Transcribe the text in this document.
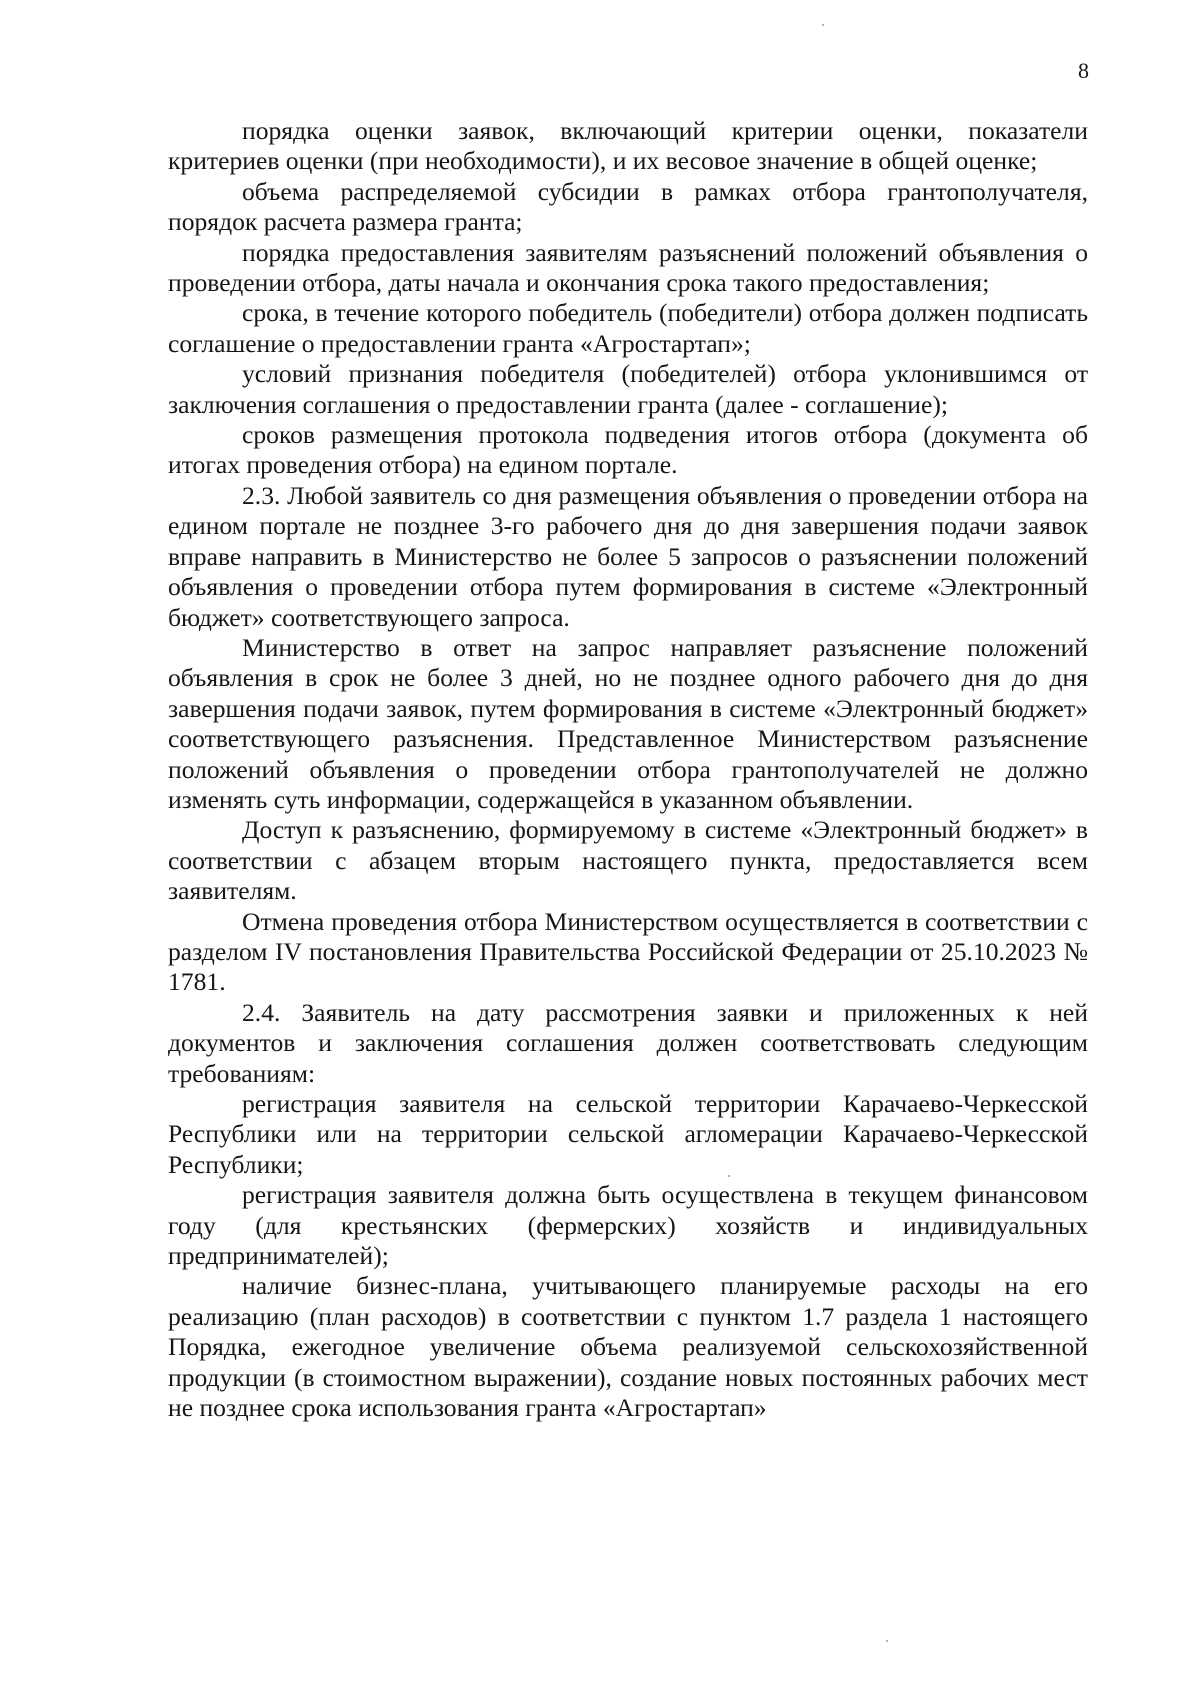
8

порядка оценки заявок, включающий критерии оценки, показатели критериев оценки (при необходимости), и их весовое значение в общей оценке;

объема распределяемой субсидии в рамках отбора грантополучателя, порядок расчета размера гранта;

порядка предоставления заявителям разъяснений положений объявления о проведении отбора, даты начала и окончания срока такого предоставления;

срока, в течение которого победитель (победители) отбора должен подписать соглашение о предоставлении гранта «Агростартап»;

условий признания победителя (победителей) отбора уклонившимся от заключения соглашения о предоставлении гранта (далее - соглашение);

сроков размещения протокола подведения итогов отбора (документа об итогах проведения отбора) на едином портале.

2.3. Любой заявитель со дня размещения объявления о проведении отбора на едином портале не позднее 3-го рабочего дня до дня завершения подачи заявок вправе направить в Министерство не более 5 запросов о разъяснении положений объявления о проведении отбора путем формирования в системе «Электронный бюджет» соответствующего запроса.

Министерство в ответ на запрос направляет разъяснение положений объявления в срок не более 3 дней, но не позднее одного рабочего дня до дня завершения подачи заявок, путем формирования в системе «Электронный бюджет» соответствующего разъяснения. Представленное Министерством разъяснение положений объявления о проведении отбора грантополучателей не должно изменять суть информации, содержащейся в указанном объявлении.

Доступ к разъяснению, формируемому в системе «Электронный бюджет» в соответствии с абзацем вторым настоящего пункта, предоставляется всем заявителям.

Отмена проведения отбора Министерством осуществляется в соответствии с разделом IV постановления Правительства Российской Федерации от 25.10.2023 № 1781.

2.4. Заявитель на дату рассмотрения заявки и приложенных к ней документов и заключения соглашения должен соответствовать следующим требованиям:

регистрация заявителя на сельской территории Карачаево-Черкесской Республики или на территории сельской агломерации Карачаево-Черкесской Республики;

регистрация заявителя должна быть осуществлена в текущем финансовом году (для крестьянских (фермерских) хозяйств и индивидуальных предпринимателей);

наличие бизнес-плана, учитывающего планируемые расходы на его реализацию (план расходов) в соответствии с пунктом 1.7 раздела 1 настоящего Порядка, ежегодное увеличение объема реализуемой сельскохозяйственной продукции (в стоимостном выражении), создание новых постоянных рабочих мест не позднее срока использования гранта «Агростартап»
